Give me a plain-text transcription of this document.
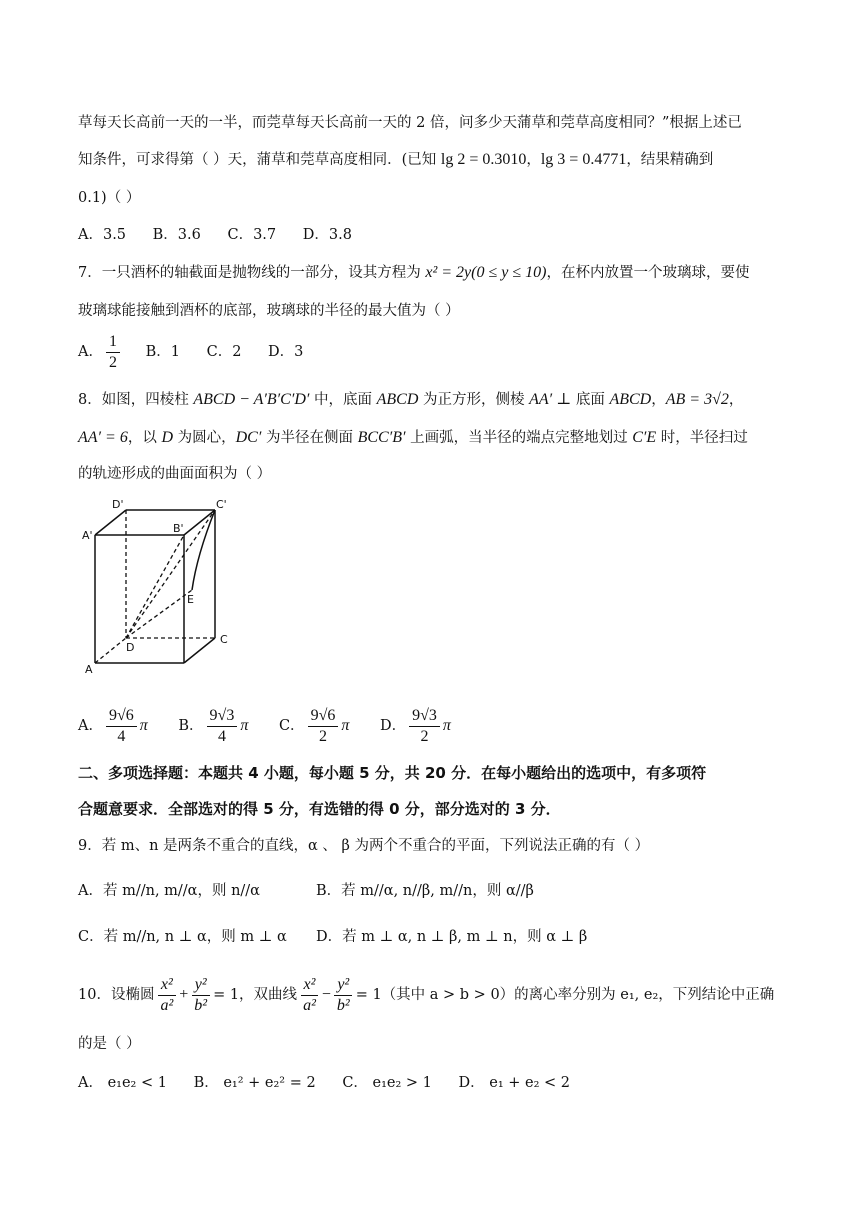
草每天长高前一天的一半，而莞草每天长高前一天的 2 倍，问多少天蒲草和莞草高度相同？”根据上述已
知条件，可求得第（ ）天，蒲草和莞草高度相同．(已知 lg 2 = 0.3010，lg 3 = 0.4771，结果精确到
0.1)（ ）
A．3.5 B．3.6 C．3.7 D．3.8
7．一只酒杯的轴截面是抛物线的一部分，设其方程为 x² = 2y(0 ≤ y ≤ 10)，在杯内放置一个玻璃球，要使
玻璃球能接触到酒杯的底部，玻璃球的半径的最大值为（ ）
A． $\frac{1}{2}$ B．1 C．2 D．3
8．如图，四棱柱 ABCD − A′B′C′D′ 中，底面 ABCD 为正方形，侧棱 AA′ ⊥ 底面 ABCD，AB = 3√2，
AA′ = 6，以 D 为圆心，DC′ 为半径在侧面 BCC′B′ 上画弧，当半径的端点完整地划过 C′E 时，半径扫过
的轨迹形成的曲面面积为（ ）
D'	C'
A'
B'
E
D
C
A
A． $\frac{9√6}{4}$ π B． $\frac{9√3}{4}$ π C． $\frac{9√6}{2}$ π D． $\frac{9√3}{2}$ π
二、多项选择题：本题共 4 小题，每小题 5 分，共 20 分．在每小题给出的选项中，有多项符
合题意要求．全部选对的得 5 分，有选错的得 0 分，部分选对的 3 分．
9．若 m、n 是两条不重合的直线，α 、 β 为两个不重合的平面，下列说法正确的有（ ）
A．若 m//n, m//α，则 n//α	B．若 m//α, n//β, m//n，则 α//β
C．若 m//n, n ⊥ α，则 m ⊥ α D．若 m ⊥ α, n ⊥ β, m ⊥ n，则 α ⊥ β
10．设椭圆 $\frac{\text{x²}}{\text{a²}} + \frac{\text{y²}}{\text{b²}} = 1$，双曲线 $\frac{\text{x²}}{\text{a²}} - \frac{\text{y²}}{\text{b²}} = 1$（其中 a > b > 0）的离心率分别为 e₁, e₂，下列结论中正确
的是（ ）
A． e₁e₂ < 1 B． e₁² + e₂² = 2 C． e₁e₂ > 1 D． e₁ + e₂ < 2
